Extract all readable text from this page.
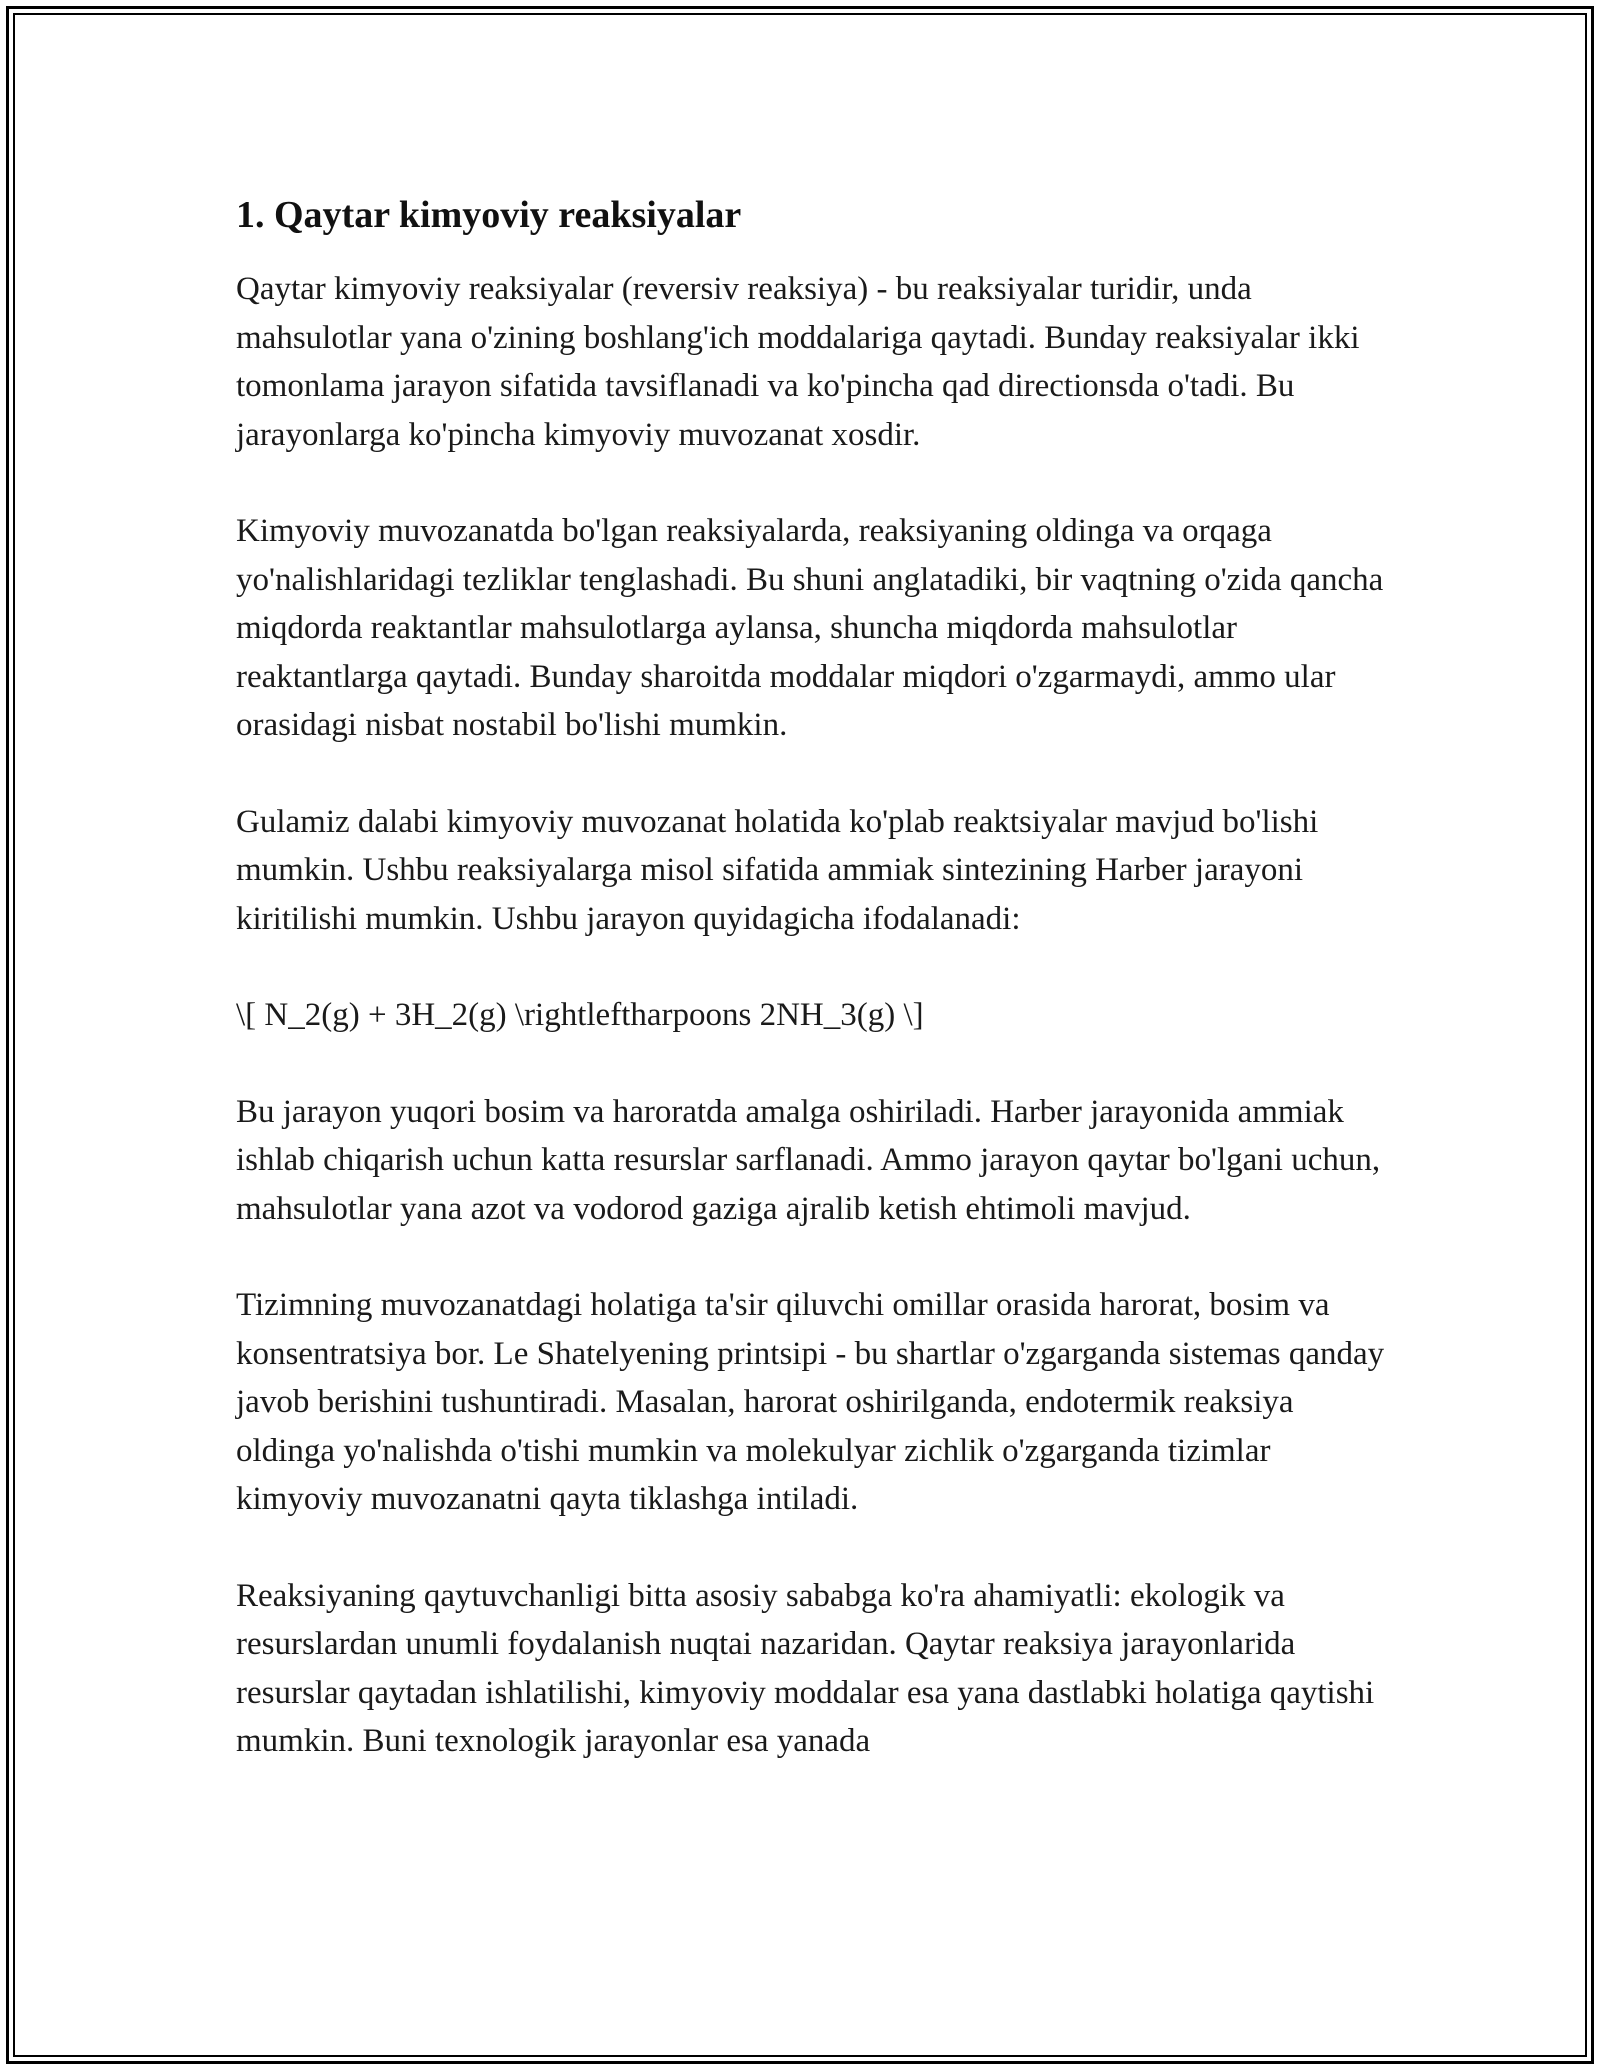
1. Qaytar kimyoviy reaksiyalar

Qaytar kimyoviy reaksiyalar (reversiv reaksiya) - bu reaksiyalar turidir, unda mahsulotlar yana o'zining boshlang'ich moddalariga qaytadi. Bunday reaksiyalar ikki tomonlama jarayon sifatida tavsiflanadi va ko'pincha qad directionsda o'tadi. Bu jarayonlarga ko'pincha kimyoviy muvozanat xosdir.

Kimyoviy muvozanatda bo'lgan reaksiyalarda, reaksiyaning oldinga va orqaga yo'nalishlaridagi tezliklar tenglashadi. Bu shuni anglatadiki, bir vaqtning o'zida qancha miqdorda reaktantlar mahsulotlarga aylansa, shuncha miqdorda mahsulotlar reaktantlarga qaytadi. Bunday sharoitda moddalar miqdori o'zgarmaydi, ammo ular orasidagi nisbat nostabil bo'lishi mumkin.

Gulamiz dalabi kimyoviy muvozanat holatida ko'plab reaktsiyalar mavjud bo'lishi mumkin. Ushbu reaksiyalarga misol sifatida ammiak sintezining Harber jarayoni kiritilishi mumkin. Ushbu jarayon quyidagicha ifodalanadi:

\[ N_2(g) + 3H_2(g) \rightleftharpoons 2NH_3(g) \]

Bu jarayon yuqori bosim va haroratda amalga oshiriladi. Harber jarayonida ammiak ishlab chiqarish uchun katta resurslar sarflanadi. Ammo jarayon qaytar bo'lgani uchun, mahsulotlar yana azot va vodorod gaziga ajralib ketish ehtimoli mavjud.

Tizimning muvozanatdagi holatiga ta'sir qiluvchi omillar orasida harorat, bosim va konsentratsiya bor. Le Shatelyening printsipi - bu shartlar o'zgarganda sistemas qanday javob berishini tushuntiradi. Masalan, harorat oshirilganda, endotermik reaksiya oldinga yo'nalishda o'tishi mumkin va molekulyar zichlik o'zgarganda tizimlar kimyoviy muvozanatni qayta tiklashga intiladi.

Reaksiyaning qaytuvchanligi bitta asosiy sababga ko'ra ahamiyatli: ekologik va resurslardan unumli foydalanish nuqtai nazaridan. Qaytar reaksiya jarayonlarida resurslar qaytadan ishlatilishi, kimyoviy moddalar esa yana dastlabki holatiga qaytishi mumkin. Buni texnologik jarayonlar esa yanada
